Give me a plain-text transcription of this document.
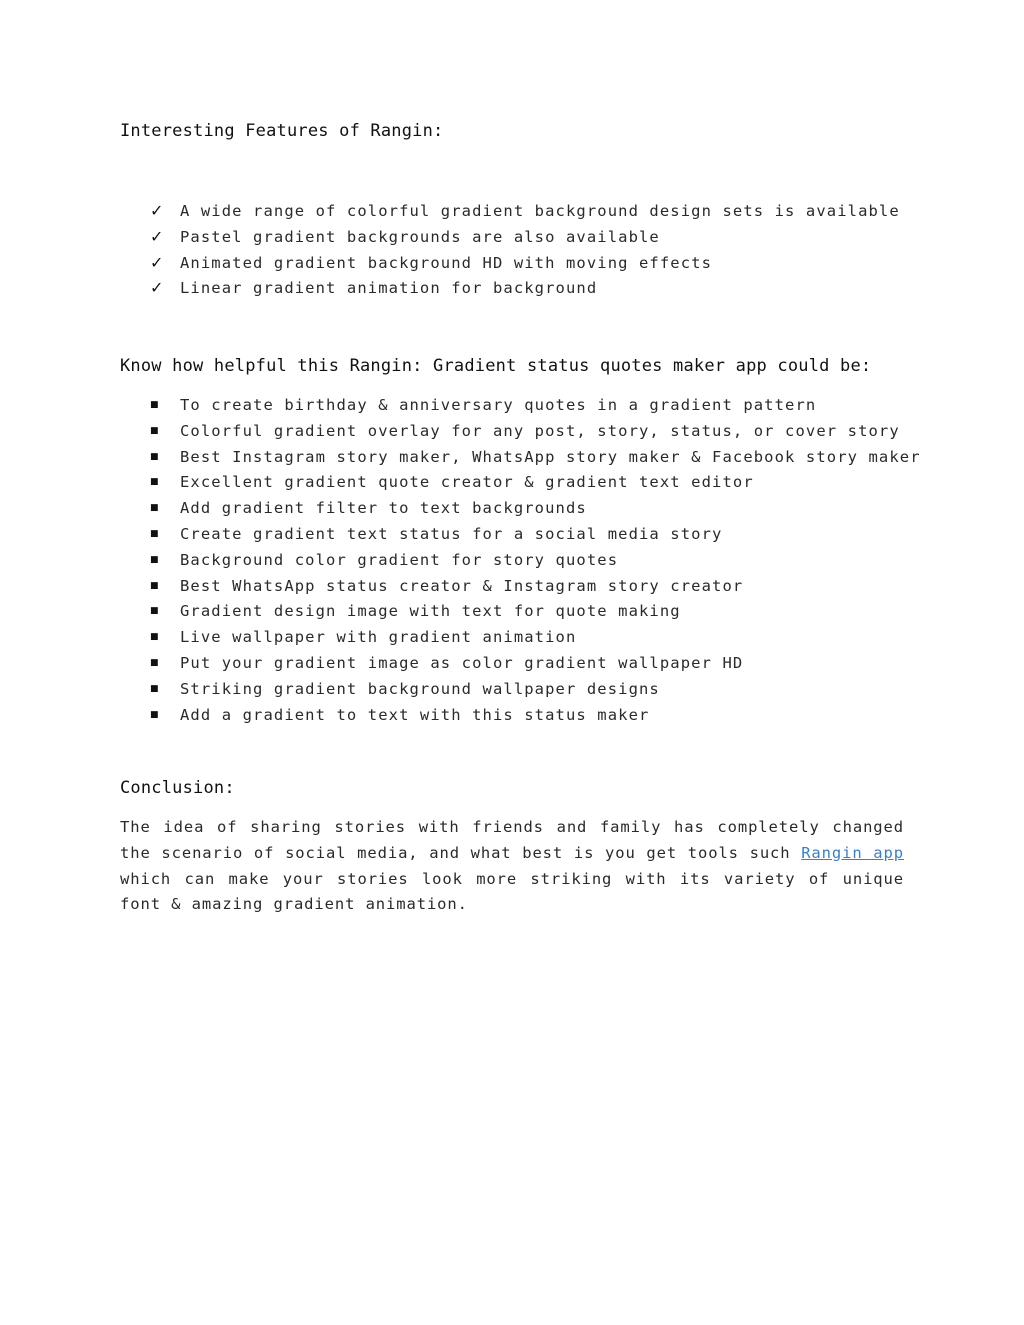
Interesting Features of Rangin:
✓ A wide range of colorful gradient background design sets is available
✓ Pastel gradient backgrounds are also available
✓ Animated gradient background HD with moving effects
✓ Linear gradient animation for background
Know how helpful this Rangin: Gradient status quotes maker app could be:
■ To create birthday & anniversary quotes in a gradient pattern
■ Colorful gradient overlay for any post, story, status, or cover story
■ Best Instagram story maker, WhatsApp story maker & Facebook story maker
■ Excellent gradient quote creator & gradient text editor
■ Add gradient filter to text backgrounds
■ Create gradient text status for a social media story
■ Background color gradient for story quotes
■ Best WhatsApp status creator & Instagram story creator
■ Gradient design image with text for quote making
■ Live wallpaper with gradient animation
■ Put your gradient image as color gradient wallpaper HD
■ Striking gradient background wallpaper designs
■ Add a gradient to text with this status maker
Conclusion:

The idea of sharing stories with friends and family has completely changed the scenario of social media, and what best is you get tools such Rangin app which can make your stories look more striking with its variety of unique font & amazing gradient animation.
